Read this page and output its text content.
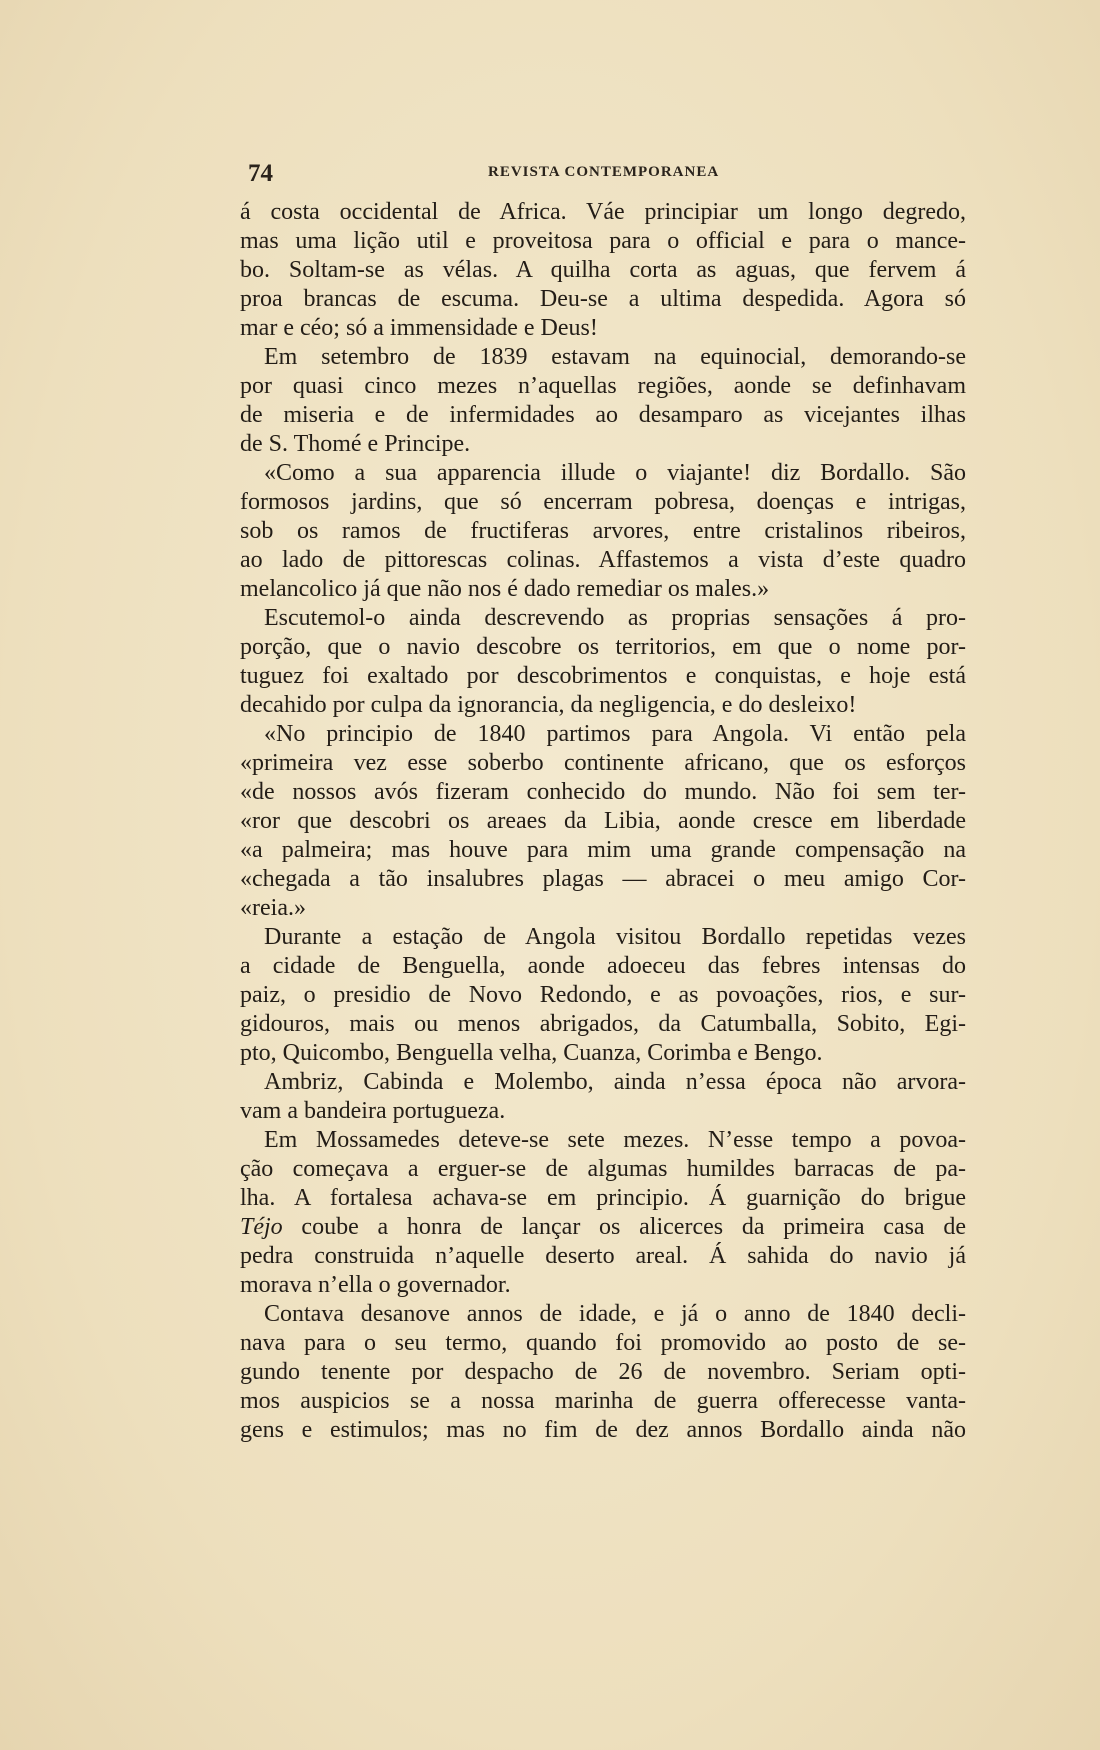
74	REVISTA CONTEMPORANEA
á costa occidental de Africa. Váe principiar um longo degredo,
mas uma lição util e proveitosa para o official e para o mance-
bo. Soltam-se as vélas. A quilha corta as aguas, que fervem á
proa brancas de escuma. Deu-se a ultima despedida. Agora só
mar e céo; só a immensidade e Deus!
Em setembro de 1839 estavam na equinocial, demorando-se
por quasi cinco mezes n’aquellas regiões, aonde se definhavam
de miseria e de infermidades ao desamparo as vicejantes ilhas
de S. Thomé e Principe.
«Como a sua apparencia illude o viajante! diz Bordallo. São
formosos jardins, que só encerram pobresa, doenças e intrigas,
sob os ramos de fructiferas arvores, entre cristalinos ribeiros,
ao lado de pittorescas colinas. Affastemos a vista d’este quadro
melancolico já que não nos é dado remediar os males.»
Escutemol-o ainda descrevendo as proprias sensações á pro-
porção, que o navio descobre os territorios, em que o nome por-
tuguez foi exaltado por descobrimentos e conquistas, e hoje está
decahido por culpa da ignorancia, da negligencia, e do desleixo!
«No principio de 1840 partimos para Angola. Vi então pela
«primeira vez esse soberbo continente africano, que os esforços
«de nossos avós fizeram conhecido do mundo. Não foi sem ter-
«ror que descobri os areaes da Libia, aonde cresce em liberdade
«a palmeira; mas houve para mim uma grande compensação na
«chegada a tão insalubres plagas — abracei o meu amigo Cor-
«reia.»
Durante a estação de Angola visitou Bordallo repetidas vezes
a cidade de Benguella, aonde adoeceu das febres intensas do
paiz, o presidio de Novo Redondo, e as povoações, rios, e sur-
gidouros, mais ou menos abrigados, da Catumballa, Sobito, Egi-
pto, Quicombo, Benguella velha, Cuanza, Corimba e Bengo.
Ambriz, Cabinda e Molembo, ainda n’essa época não arvora-
vam a bandeira portugueza.
Em Mossamedes deteve-se sete mezes. N’esse tempo a povoa-
ção começava a erguer-se de algumas humildes barracas de pa-
lha. A fortalesa achava-se em principio. Á guarnição do brigue
Téjo coube a honra de lançar os alicerces da primeira casa de
pedra construida n’aquelle deserto areal. Á sahida do navio já
morava n’ella o governador.
Contava desanove annos de idade, e já o anno de 1840 decli-
nava para o seu termo, quando foi promovido ao posto de se-
gundo tenente por despacho de 26 de novembro. Seriam opti-
mos auspicios se a nossa marinha de guerra offerecesse vanta-
gens e estimulos; mas no fim de dez annos Bordallo ainda não
